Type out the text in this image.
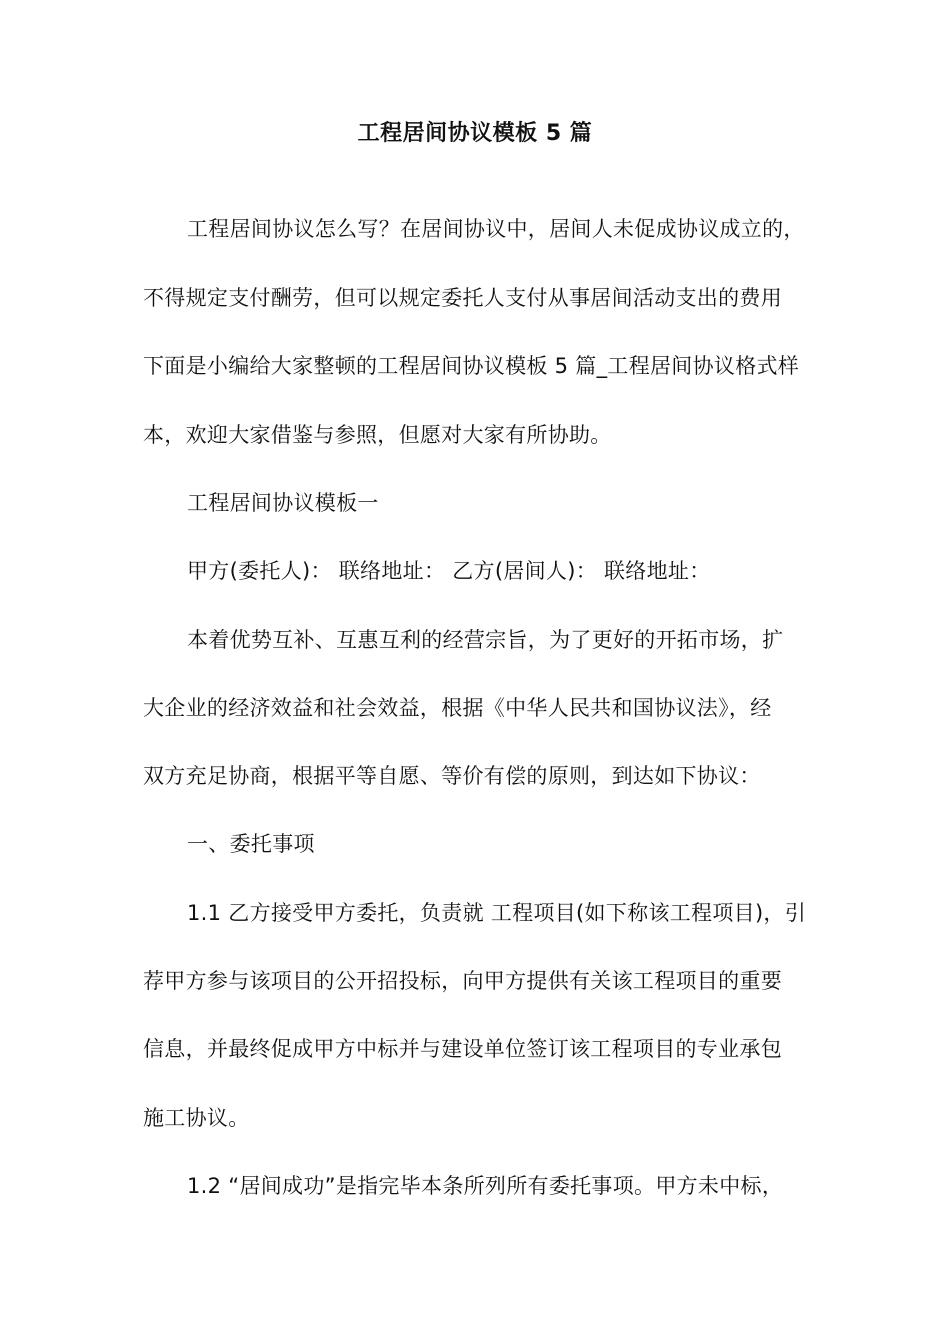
工程居间协议模板 5 篇
工程居间协议怎么写？在居间协议中，居间人未促成协议成立的，
不得规定支付酬劳，但可以规定委托人支付从事居间活动支出的费用
下面是小编给大家整顿的工程居间协议模板 5 篇_工程居间协议格式样
本，欢迎大家借鉴与参照，但愿对大家有所协助。
工程居间协议模板一
甲方(委托人)： 联络地址： 乙方(居间人)： 联络地址：
本着优势互补、互惠互利的经营宗旨，为了更好的开拓市场，扩
大企业的经济效益和社会效益，根据《中华人民共和国协议法》，经
双方充足协商，根据平等自愿、等价有偿的原则，到达如下协议：
一、委托事项
1.1 乙方接受甲方委托，负责就 工程项目(如下称该工程项目)，引
荐甲方参与该项目的公开招投标，向甲方提供有关该工程项目的重要
信息，并最终促成甲方中标并与建设单位签订该工程项目的专业承包
施工协议。
1.2 “居间成功”是指完毕本条所列所有委托事项。甲方未中标，
